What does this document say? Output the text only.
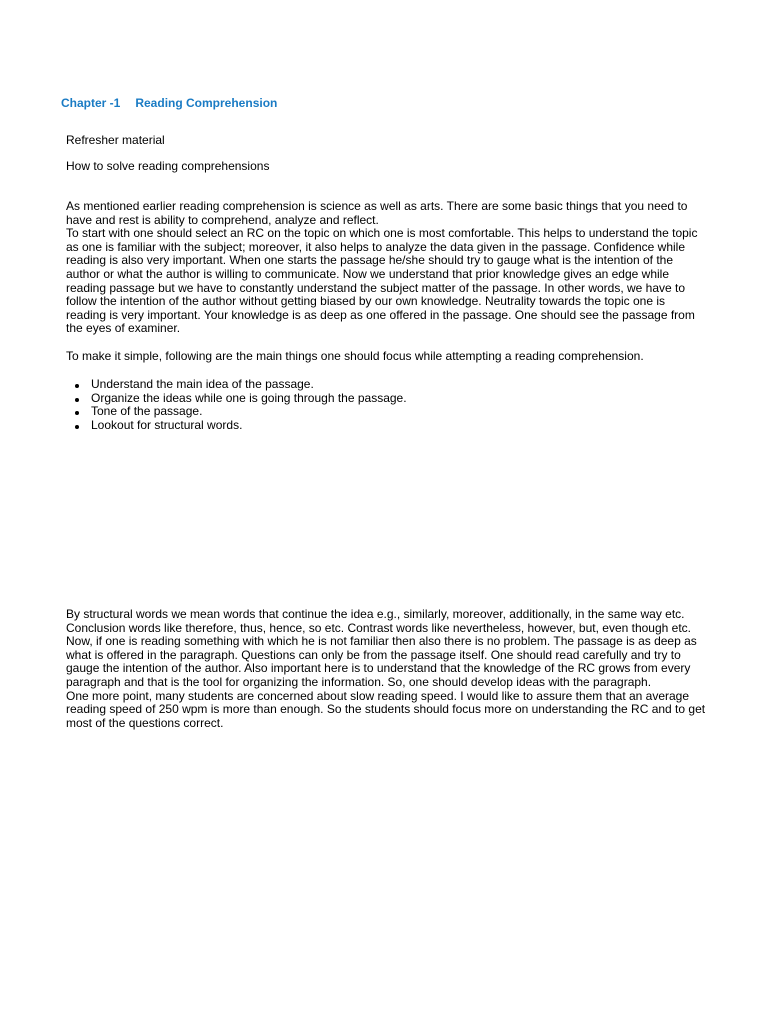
Chapter -1 Reading Comprehension
Refresher material
How to solve reading comprehensions

As mentioned earlier reading comprehension is science as well as arts. There are some basic things that you need to have and rest is ability to comprehend, analyze and reflect.

To start with one should select an RC on the topic on which one is most comfortable. This helps to understand the topic as one is familiar with the subject; moreover, it also helps to analyze the data given in the passage. Confidence while reading is also very important. When one starts the passage he/she should try to gauge what is the intention of the author or what the author is willing to communicate. Now we understand that prior knowledge gives an edge while reading passage but we have to constantly understand the subject matter of the passage. In other words, we have to follow the intention of the author without getting biased by our own knowledge. Neutrality towards the topic one is reading is very important. Your knowledge is as deep as one offered in the passage. One should see the passage from the eyes of examiner.

To make it simple, following are the main things one should focus while attempting a reading comprehension.
Understand the main idea of the passage.
Organize the ideas while one is going through the passage.
Tone of the passage.
Lookout for structural words.

By structural words we mean words that continue the idea e.g., similarly, moreover, additionally, in the same way etc. Conclusion words like therefore, thus, hence, so etc. Contrast words like nevertheless, however, but, even though etc. Now, if one is reading something with which he is not familiar then also there is no problem. The passage is as deep as what is offered in the paragraph. Questions can only be from the passage itself. One should read carefully and try to gauge the intention of the author. Also important here is to understand that the knowledge of the RC grows from every paragraph and that is the tool for organizing the information. So, one should develop ideas with the paragraph.

One more point, many students are concerned about slow reading speed. I would like to assure them that an average reading speed of 250 wpm is more than enough. So the students should focus more on understanding the RC and to get most of the questions correct.
